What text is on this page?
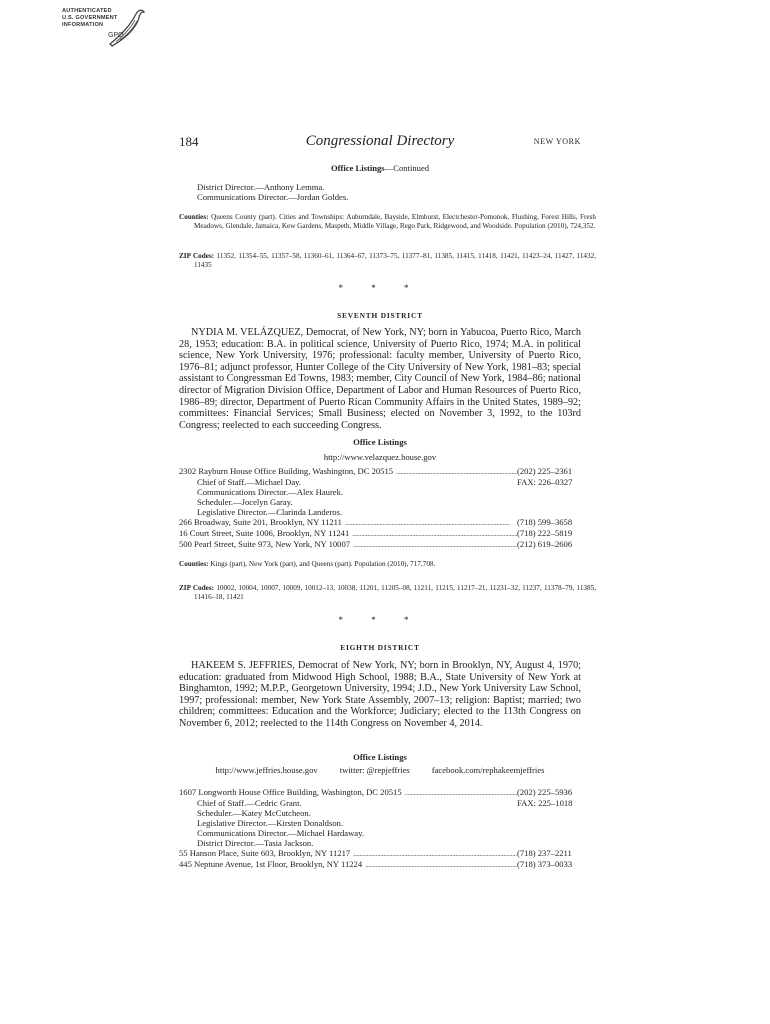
AUTHENTICATED
U.S. GOVERNMENT
INFORMATION
GPO
184	Congressional Directory	NEW YORK
Office Listings—Continued
District Director.—Anthony Lemma.
Communications Director.—Jordan Goldes.
Counties: Queens County (part). Cities and Townships: Auburndale, Bayside, Elmhurst, Electchester-Pomonok, Flushing, Forest Hills, Fresh Meadows, Glendale, Jamaica, Kew Gardens, Maspeth, Middle Village, Rego Park, Ridgewood, and Woodside. Population (2010), 724,352.
ZIP Codes: 11352, 11354–55, 11357–58, 11360–61, 11364–67, 11373–75, 11377–81, 11385, 11415, 11418, 11421, 11423–24, 11427, 11432, 11435
* * *
SEVENTH DISTRICT
NYDIA M. VELÁZQUEZ, Democrat, of New York, NY; born in Yabucoa, Puerto Rico, March 28, 1953; education: B.A. in political science, University of Puerto Rico, 1974; M.A. in political science, New York University, 1976; professional: faculty member, University of Puerto Rico, 1976–81; adjunct professor, Hunter College of the City University of New York, 1981–83; special assistant to Congressman Ed Towns, 1983; member, City Council of New York, 1984–86; national director of Migration Division Office, Department of Labor and Human Resources of Puerto Rico, 1986–89; director, Department of Puerto Rican Community Affairs in the United States, 1989–92; committees: Financial Services; Small Business; elected on November 3, 1992, to the 103rd Congress; reelected to each succeeding Congress.
Office Listings
http://www.velazquez.house.gov
2302 Rayburn House Office Building, Washington, DC 20515 . . .	(202) 225–2361
Chief of Staff.—Michael Day.	FAX: 226–0327
Communications Director.—Alex Haurek.
Scheduler.—Jocelyn Garay.
Legislative Director.—Clarinda Landeros.
266 Broadway, Suite 201, Brooklyn, NY 11211 . . .	(718) 599–3658
16 Court Street, Suite 1006, Brooklyn, NY 11241 . . .	(718) 222–5819
500 Pearl Street, Suite 973, New York, NY 10007 . . .	(212) 619–2606
Counties: Kings (part), New York (part), and Queens (part). Population (2010), 717,708.
ZIP Codes: 10002, 10004, 10007, 10009, 10012–13, 10038, 11201, 11205–08, 11211, 11215, 11217–21, 11231–32, 11237, 11378–79, 11385, 11416–18, 11421
* * *
EIGHTH DISTRICT
HAKEEM S. JEFFRIES, Democrat of New York, NY; born in Brooklyn, NY, August 4, 1970; education: graduated from Midwood High School, 1988; B.A., State University of New York at Binghamton, 1992; M.P.P., Georgetown University, 1994; J.D., New York University Law School, 1997; professional: member, New York State Assembly, 2007–13; religion: Baptist; married; two children; committees: Education and the Workforce; Judiciary; elected to the 113th Congress on November 6, 2012; reelected to the 114th Congress on November 4, 2014.
Office Listings
http://www.jeffries.house.gov	twitter: @repjeffries	facebook.com/rephakeemjeffries
1607 Longworth House Office Building, Washington, DC 20515 . . .	(202) 225–5936
Chief of Staff.—Cedric Grant.	FAX: 225–1018
Scheduler.—Katey McCutcheon.
Legislative Director.—Kirsten Donaldson.
Communications Director.—Michael Hardaway.
District Director.—Tasia Jackson.
55 Hanson Place, Suite 603, Brooklyn, NY 11217 . . .	(718) 237–2211
445 Neptune Avenue, 1st Floor, Brooklyn, NY 11224 . . .	(718) 373–0033
